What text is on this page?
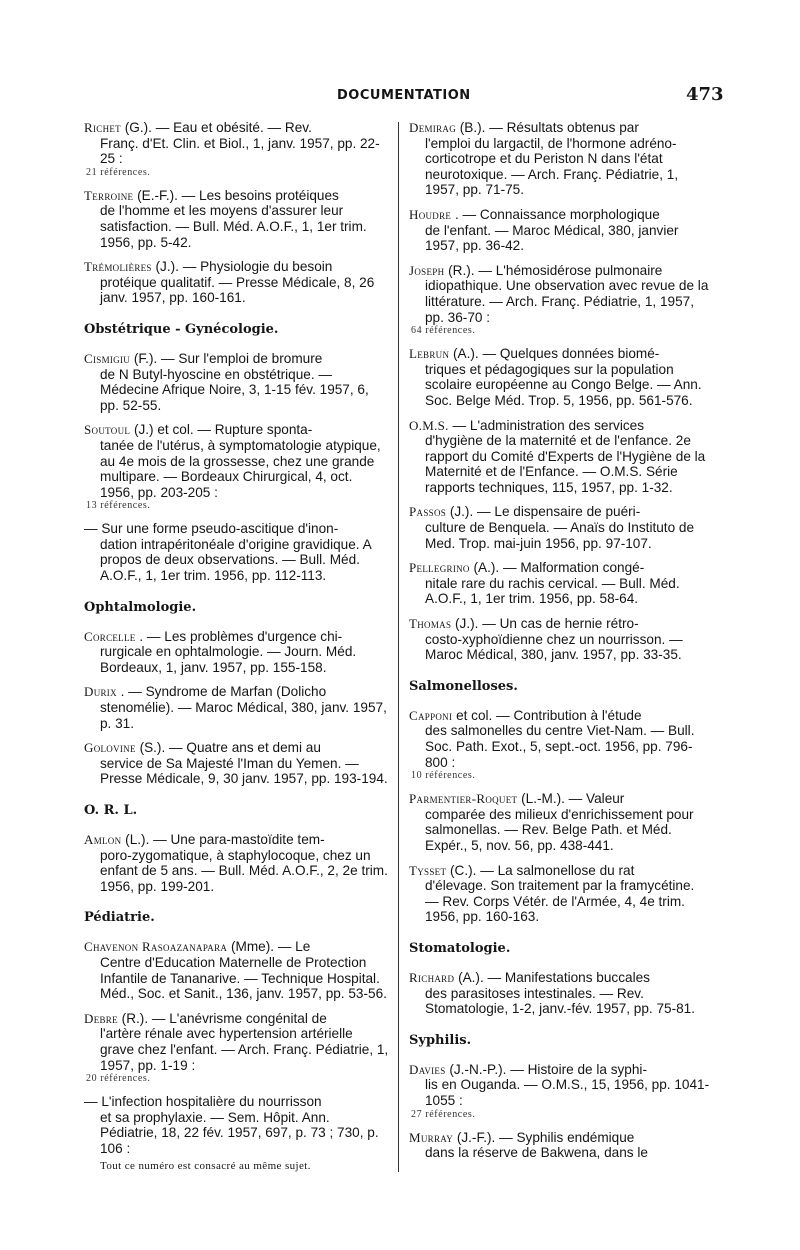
DOCUMENTATION	473
Richet (G.). — Eau et obésité. — Rev.
Franç. d'Et. Clin. et Biol., 1, janv. 1957, pp. 22-25 :
21 références.
Terroine (E.-F.). — Les besoins protéiques
de l'homme et les moyens d'assurer leur satisfaction. — Bull. Méd. A.O.F., 1, 1er trim. 1956, pp. 5-42.
Trémolières (J.). — Physiologie du besoin
protéique qualitatif. — Presse Médicale, 8, 26 janv. 1957, pp. 160-161.
Obstétrique - Gynécologie.
Cismigiu (F.). — Sur l'emploi de bromure
de N Butyl-hyoscine en obstétrique. — Médecine Afrique Noire, 3, 1-15 fév. 1957, 6, pp. 52-55.
Soutoul (J.) et col. — Rupture sponta-
tanée de l'utérus, à symptomatologie atypique, au 4e mois de la grossesse, chez une grande multipare. — Bordeaux Chirurgical, 4, oct. 1956, pp. 203-205 :
13 références.
— Sur une forme pseudo-ascitique d'inon-
dation intrapéritonéale d'origine gravidique. A propos de deux observations. — Bull. Méd. A.O.F., 1, 1er trim. 1956, pp. 112-113.
Ophtalmologie.
Corcelle . — Les problèmes d'urgence chi-
rurgicale en ophtalmologie. — Journ. Méd. Bordeaux, 1, janv. 1957, pp. 155-158.
Durix . — Syndrome de Marfan (Dolicho
stenomélie). — Maroc Médical, 380, janv. 1957, p. 31.
Golovine (S.). — Quatre ans et demi au
service de Sa Majesté l'Iman du Yemen. — Presse Médicale, 9, 30 janv. 1957, pp. 193-194.
O. R. L.
Amlon (L.). — Une para-mastoïdite tem-
poro-zygomatique, à staphylocoque, chez un enfant de 5 ans. — Bull. Méd. A.O.F., 2, 2e trim. 1956, pp. 199-201.
Pédiatrie.
Chavenon Rasoazanapara (Mme). — Le
Centre d'Education Maternelle de Protection Infantile de Tananarive. — Technique Hospital. Méd., Soc. et Sanit., 136, janv. 1957, pp. 53-56.
Debre (R.). — L'anévrisme congénital de
l'artère rénale avec hypertension artérielle grave chez l'enfant. — Arch. Franç. Pédiatrie, 1, 1957, pp. 1-19 :
20 références.
— L'infection hospitalière du nourrisson
et sa prophylaxie. — Sem. Hôpit. Ann. Pédiatrie, 18, 22 fév. 1957, 697, p. 73 ; 730, p. 106 :
Tout ce numéro est consacré au même sujet.
Demirag (B.). — Résultats obtenus par
l'emploi du largactil, de l'hormone adréno-corticotrope et du Periston N dans l'état neurotoxique. — Arch. Franç. Pédiatrie, 1, 1957, pp. 71-75.
Houdre . — Connaissance morphologique
de l'enfant. — Maroc Médical, 380, janvier 1957, pp. 36-42.
Joseph (R.). — L'hémosidérose pulmonaire
idiopathique. Une observation avec revue de la littérature. — Arch. Franç. Pédiatrie, 1, 1957, pp. 36-70 :
64 références.
Lebrun (A.). — Quelques données biomé-
triques et pédagogiques sur la population scolaire européenne au Congo Belge. — Ann. Soc. Belge Méd. Trop. 5, 1956, pp. 561-576.
O.M.S. — L'administration des services
d'hygiène de la maternité et de l'enfance. 2e rapport du Comité d'Experts de l'Hygiène de la Maternité et de l'Enfance. — O.M.S. Série rapports techniques, 115, 1957, pp. 1-32.
Passos (J.). — Le dispensaire de puéri-
culture de Benquela. — Anaïs do Instituto de Med. Trop. mai-juin 1956, pp. 97-107.
Pellegrino (A.). — Malformation congé-
nitale rare du rachis cervical. — Bull. Méd. A.O.F., 1, 1er trim. 1956, pp. 58-64.
Thomas (J.). — Un cas de hernie rétro-
costo-xyphoïdienne chez un nourrisson. — Maroc Médical, 380, janv. 1957, pp. 33-35.
Salmonelloses.
Capponi et col. — Contribution à l'étude
des salmonelles du centre Viet-Nam. — Bull. Soc. Path. Exot., 5, sept.-oct. 1956, pp. 796-800 :
10 références.
Parmentier-Roquet (L.-M.). — Valeur
comparée des milieux d'enrichissement pour salmonellas. — Rev. Belge Path. et Méd. Expér., 5, nov. 56, pp. 438-441.
Tysset (C.). — La salmonellose du rat
d'élevage. Son traitement par la framycétine. — Rev. Corps Vétér. de l'Armée, 4, 4e trim. 1956, pp. 160-163.
Stomatologie.
Richard (A.). — Manifestations buccales
des parasitoses intestinales. — Rev. Stomatologie, 1-2, janv.-fév. 1957, pp. 75-81.
Syphilis.
Davies (J.-N.-P.). — Histoire de la syphi-
lis en Ouganda. — O.M.S., 15, 1956, pp. 1041-1055 :
27 références.
Murray (J.-F.). — Syphilis endémique
dans la réserve de Bakwena, dans le
